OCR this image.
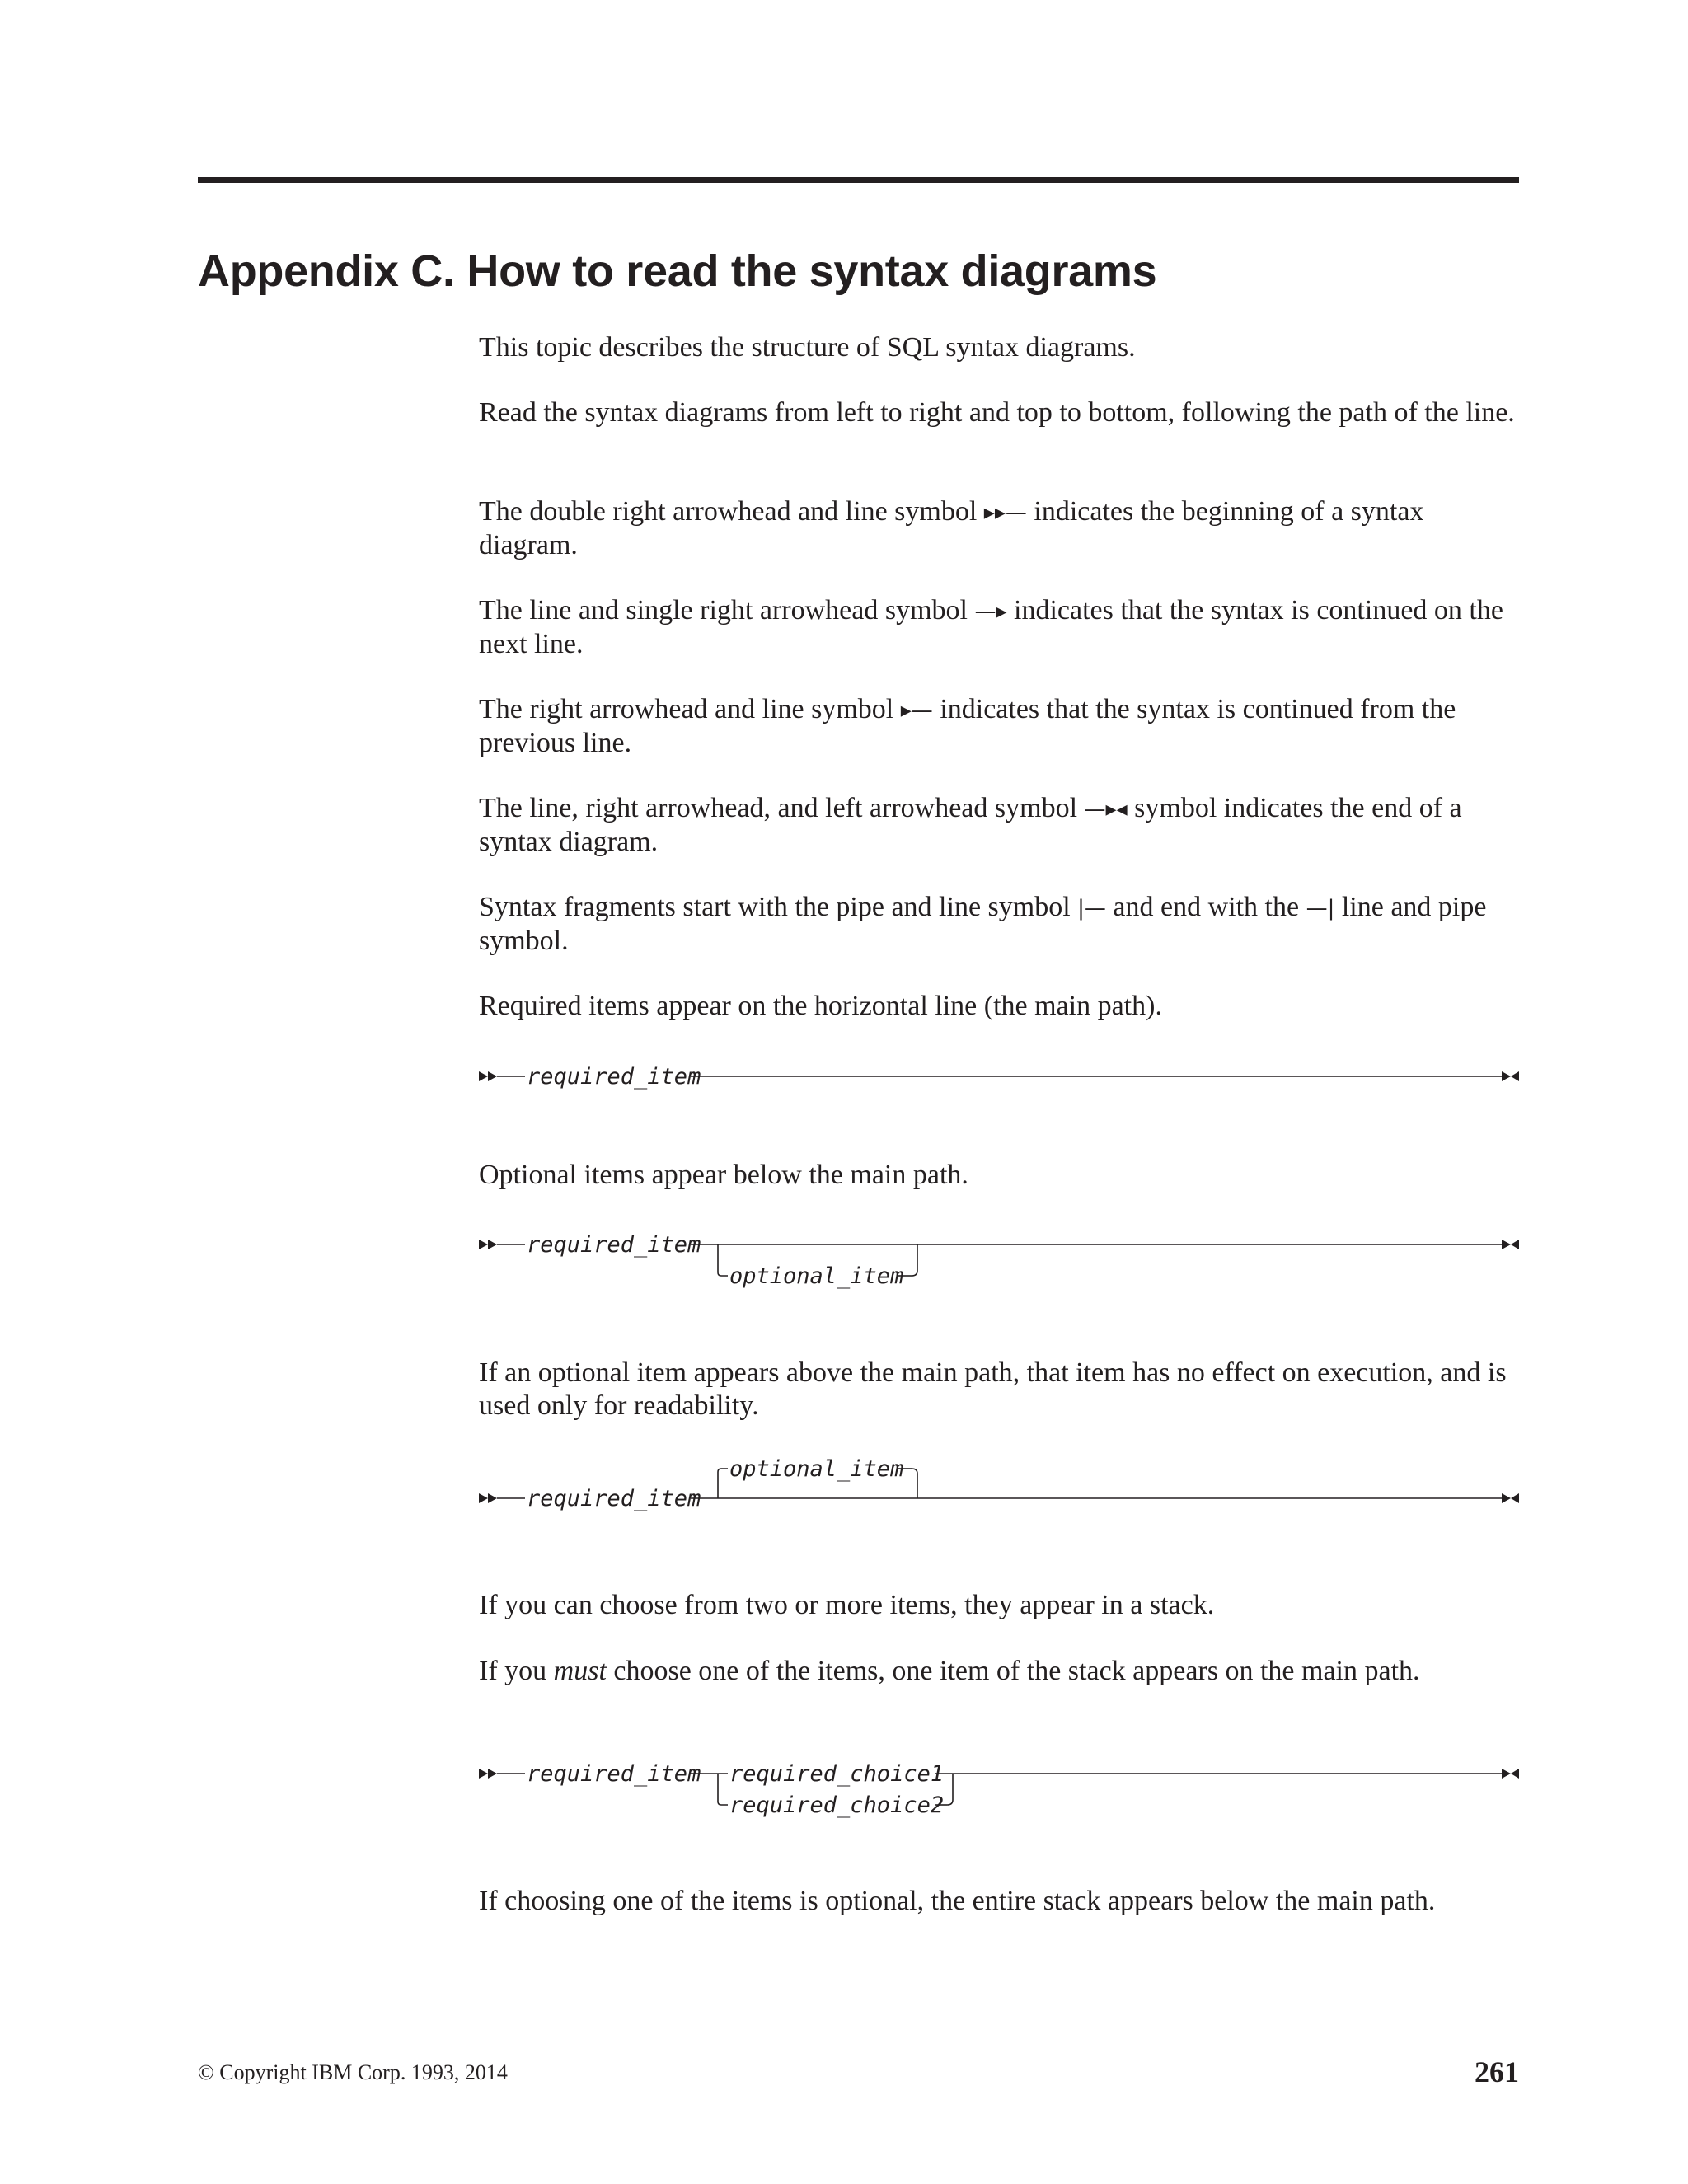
Appendix C. How to read the syntax diagrams

This topic describes the structure of SQL syntax diagrams.

Read the syntax diagrams from left to right and top to bottom, following the path of the line.

The double right arrowhead and line symbol ▸▸— indicates the beginning of a syntax diagram.

The line and single right arrowhead symbol —▸ indicates that the syntax is continued on the next line.

The right arrowhead and line symbol ▸— indicates that the syntax is continued from the previous line.

The line, right arrowhead, and left arrowhead symbol —▸◂ symbol indicates the end of a syntax diagram.

Syntax fragments start with the pipe and line symbol |— and end with the —| line and pipe symbol.

Required items appear on the horizontal line (the main path).

required_item

Optional items appear below the main path.

required_item
optional_item

If an optional item appears above the main path, that item has no effect on execution, and is used only for readability.

optional_item
required_item

If you can choose from two or more items, they appear in a stack.

If you must choose one of the items, one item of the stack appears on the main path.

required_item required_choice1
required_choice2

If choosing one of the items is optional, the entire stack appears below the main path.

© Copyright IBM Corp. 1993, 2014	261
